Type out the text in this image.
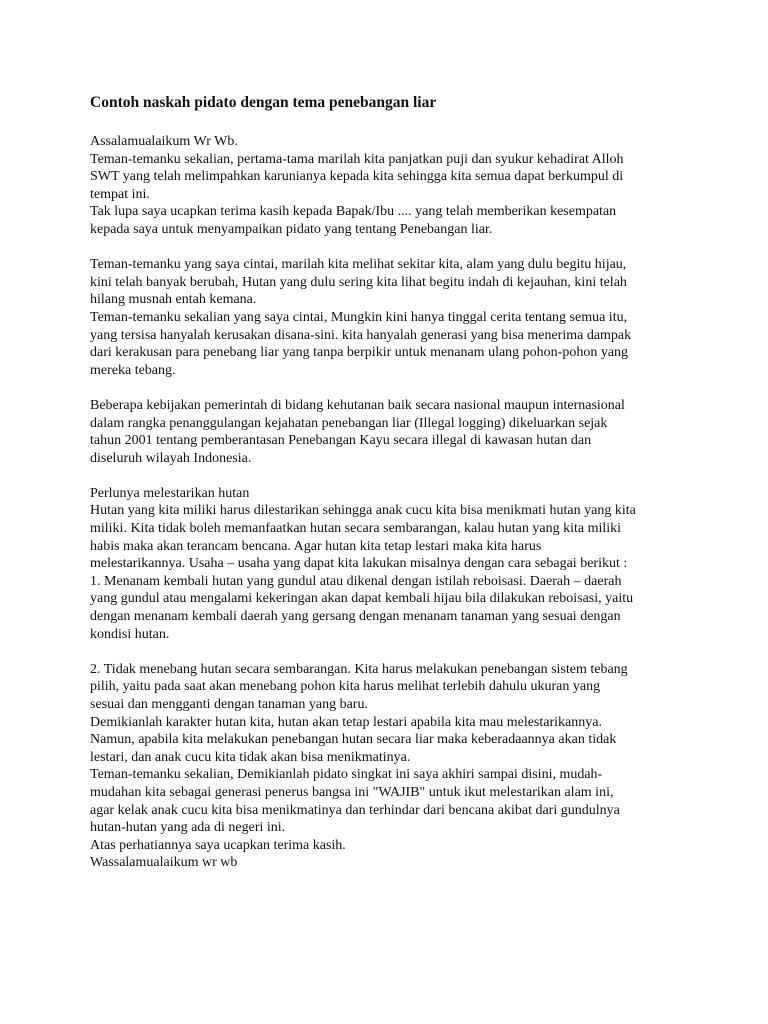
Contoh naskah pidato dengan tema penebangan liar
Assalamualaikum Wr Wb.
Teman-temanku sekalian, pertama-tama marilah kita panjatkan puji dan syukur kehadirat Alloh
SWT yang telah melimpahkan karunianya kepada kita sehingga kita semua dapat berkumpul di
tempat ini.
Tak lupa saya ucapkan terima kasih kepada Bapak/Ibu .... yang telah memberikan kesempatan
kepada saya untuk menyampaikan pidato yang tentang Penebangan liar.
Teman-temanku yang saya cintai, marilah kita melihat sekitar kita, alam yang dulu begitu hijau,
kini telah banyak berubah, Hutan yang dulu sering kita lihat begitu indah di kejauhan, kini telah
hilang musnah entah kemana.
Teman-temanku sekalian yang saya cintai, Mungkin kini hanya tinggal cerita tentang semua itu,
yang tersisa hanyalah kerusakan disana-sini. kita hanyalah generasi yang bisa menerima dampak
dari kerakusan para penebang liar yang tanpa berpikir untuk menanam ulang pohon-pohon yang
mereka tebang.
Beberapa kebijakan pemerintah di bidang kehutanan baik secara nasional maupun internasional
dalam rangka penanggulangan kejahatan penebangan liar (Illegal logging) dikeluarkan sejak
tahun 2001 tentang pemberantasan Penebangan Kayu secara illegal di kawasan hutan dan
diseluruh wilayah Indonesia.
Perlunya melestarikan hutan
Hutan yang kita miliki harus dilestarikan sehingga anak cucu kita bisa menikmati hutan yang kita
miliki. Kita tidak boleh memanfaatkan hutan secara sembarangan, kalau hutan yang kita miliki
habis maka akan terancam bencana. Agar hutan kita tetap lestari maka kita harus
melestarikannya. Usaha – usaha yang dapat kita lakukan misalnya dengan cara sebagai berikut :
1. Menanam kembali hutan yang gundul atau dikenal dengan istilah reboisasi. Daerah – daerah
yang gundul atau mengalami kekeringan akan dapat kembali hijau bila dilakukan reboisasi, yaitu
dengan menanam kembali daerah yang gersang dengan menanam tanaman yang sesuai dengan
kondisi hutan.
2. Tidak menebang hutan secara sembarangan. Kita harus melakukan penebangan sistem tebang
pilih, yaitu pada saat akan menebang pohon kita harus melihat terlebih dahulu ukuran yang
sesuai dan mengganti dengan tanaman yang baru.
Demikianlah karakter hutan kita, hutan akan tetap lestari apabila kita mau melestarikannya.
Namun, apabila kita melakukan penebangan hutan secara liar maka keberadaannya akan tidak
lestari, dan anak cucu kita tidak akan bisa menikmatinya.
Teman-temanku sekalian, Demikianlah pidato singkat ini saya akhiri sampai disini, mudah-
mudahan kita sebagai generasi penerus bangsa ini "WAJIB" untuk ikut melestarikan alam ini,
agar kelak anak cucu kita bisa menikmatinya dan terhindar dari bencana akibat dari gundulnya
hutan-hutan yang ada di negeri ini.
Atas perhatiannya saya ucapkan terima kasih.
Wassalamualaikum wr wb
